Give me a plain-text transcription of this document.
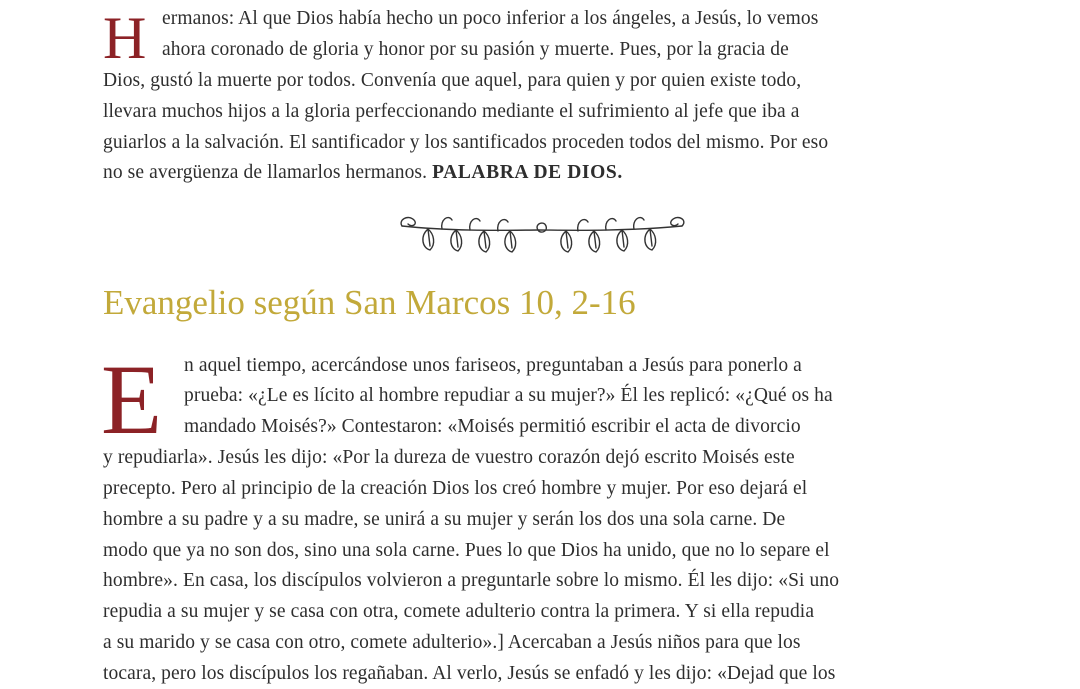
H ermanos: Al que Dios había hecho un poco inferior a los ángeles, a Jesús, lo vemos
ahora coronado de gloria y honor por su pasión y muerte. Pues, por la gracia de
Dios, gustó la muerte por todos. Convenía que aquel, para quien y por quien existe todo,
llevara muchos hijos a la gloria perfeccionando mediante el sufrimiento al jefe que iba a
guiarlos a la salvación. El santificador y los santificados proceden todos del mismo. Por eso
no se avergüenza de llamarlos hermanos. PALABRA DE DIOS.
Evangelio según San Marcos 10, 2-16
E n aquel tiempo, acercándose unos fariseos, preguntaban a Jesús para ponerlo a
prueba: «¿Le es lícito al hombre repudiar a su mujer?» Él les replicó: «¿Qué os ha
mandado Moisés?» Contestaron: «Moisés permitió escribir el acta de divorcio
y repudiarla». Jesús les dijo: «Por la dureza de vuestro corazón dejó escrito Moisés este
precepto. Pero al principio de la creación Dios los creó hombre y mujer. Por eso dejará el
hombre a su padre y a su madre, se unirá a su mujer y serán los dos una sola carne. De
modo que ya no son dos, sino una sola carne. Pues lo que Dios ha unido, que no lo separe el
hombre». En casa, los discípulos volvieron a preguntarle sobre lo mismo. Él les dijo: «Si uno
repudia a su mujer y se casa con otra, comete adulterio contra la primera. Y si ella repudia
a su marido y se casa con otro, comete adulterio».] Acercaban a Jesús niños para que los
tocara, pero los discípulos los regañaban. Al verlo, Jesús se enfadó y les dijo: «Dejad que los
